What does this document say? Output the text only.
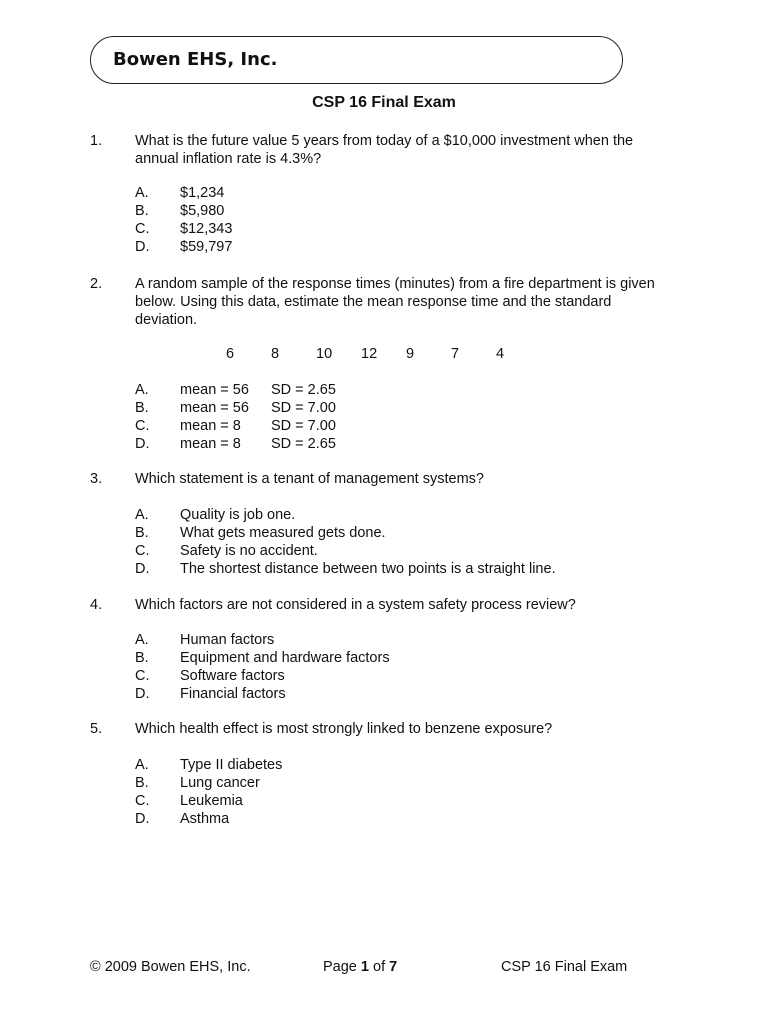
Bowen EHS, Inc.
CSP 16 Final Exam
1. What is the future value 5 years from today of a $10,000 investment when the
annual inflation rate is 4.3%?
A. $1,234
B. $5,980
C. $12,343
D. $59,797
2. A random sample of the response times (minutes) from a fire department is given
below. Using this data, estimate the mean response time and the standard
deviation.
6	8	10 12 9	7	4
A. mean = 56 SD = 2.65
B. mean = 56 SD = 7.00
C. mean = 8 SD = 7.00
D. mean = 8 SD = 2.65
3. Which statement is a tenant of management systems?
A. Quality is job one.
B. What gets measured gets done.
C. Safety is no accident.
D. The shortest distance between two points is a straight line.
4. Which factors are not considered in a system safety process review?
A. Human factors
B. Equipment and hardware factors
C. Software factors
D. Financial factors
5. Which health effect is most strongly linked to benzene exposure?
A. Type II diabetes
B. Lung cancer
C. Leukemia
D. Asthma
© 2009 Bowen EHS, Inc.	Page 1 of 7	CSP 16 Final Exam
